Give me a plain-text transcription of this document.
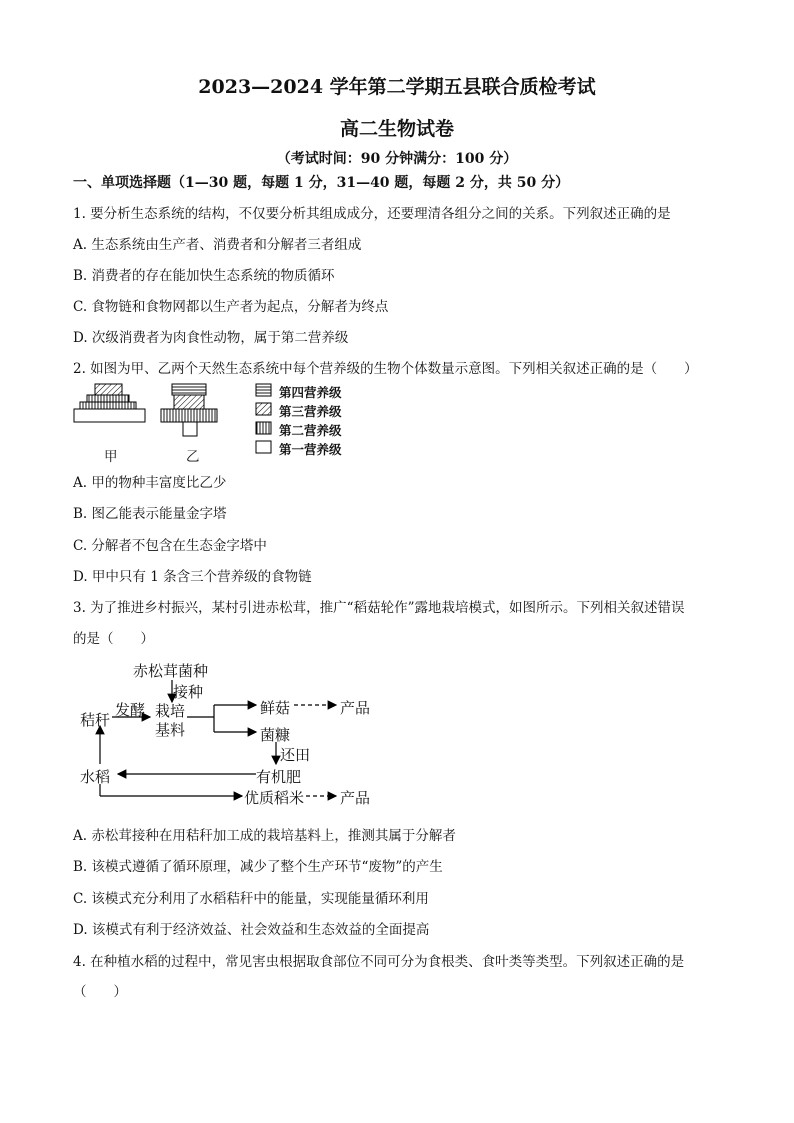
2023—2024 学年第二学期五县联合质检考试
高二生物试卷
（考试时间：90 分钟满分：100 分）
一、单项选择题（1—30 题，每题 1 分，31—40 题，每题 2 分，共 50 分）
1. 要分析生态系统的结构，不仅要分析其组成成分，还要理清各组分之间的关系。下列叙述正确的是
A. 生态系统由生产者、消费者和分解者三者组成
B. 消费者的存在能加快生态系统的物质循环
C. 食物链和食物网都以生产者为起点，分解者为终点
D. 次级消费者为肉食性动物，属于第二营养级
2. 如图为甲、乙两个天然生态系统中每个营养级的生物个体数量示意图。下列相关叙述正确的是（　　）
第四营养级
第三营养级
第二营养级
第一营养级
甲	乙
A. 甲的物种丰富度比乙少
B. 图乙能表示能量金字塔
C. 分解者不包含在生态金字塔中
D. 甲中只有 1 条含三个营养级的食物链
3. 为了推进乡村振兴，某村引进赤松茸，推广“稻菇轮作”露地栽培模式，如图所示。下列相关叙述错误
的是（　　）
赤松茸菌种
接种
秸秆
发酵 栽培
基料
鲜菇	产品
菌糠
还田
有机肥
水稻
优质稻米 产品
A. 赤松茸接种在用秸秆加工成的栽培基料上，推测其属于分解者
B. 该模式遵循了循环原理，减少了整个生产环节“废物”的产生
C. 该模式充分利用了水稻秸秆中的能量，实现能量循环利用
D. 该模式有利于经济效益、社会效益和生态效益的全面提高
4. 在种植水稻的过程中，常见害虫根据取食部位不同可分为食根类、食叶类等类型。下列叙述正确的是
（　　）
